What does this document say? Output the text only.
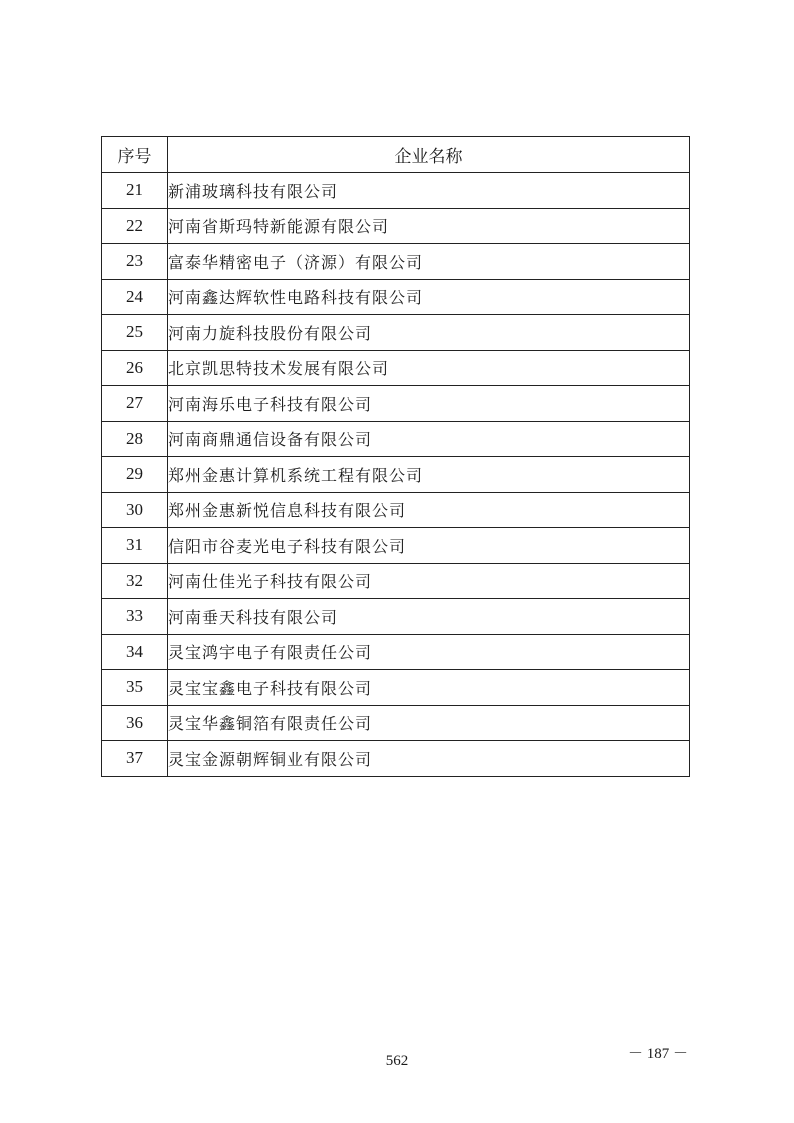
序号	企业名称
21	新浦玻璃科技有限公司
22	河南省斯玛特新能源有限公司
23	富泰华精密电子（济源）有限公司
24	河南鑫达辉软性电路科技有限公司
25	河南力旋科技股份有限公司
26	北京凯思特技术发展有限公司
27	河南海乐电子科技有限公司
28	河南商鼎通信设备有限公司
29	郑州金惠计算机系统工程有限公司
30	郑州金惠新悦信息科技有限公司
31	信阳市谷麦光电子科技有限公司
32	河南仕佳光子科技有限公司
33	河南垂天科技有限公司
34	灵宝鸿宇电子有限责任公司
35	灵宝宝鑫电子科技有限公司
36	灵宝华鑫铜箔有限责任公司
37	灵宝金源朝辉铜业有限公司
562	－ 187 －
